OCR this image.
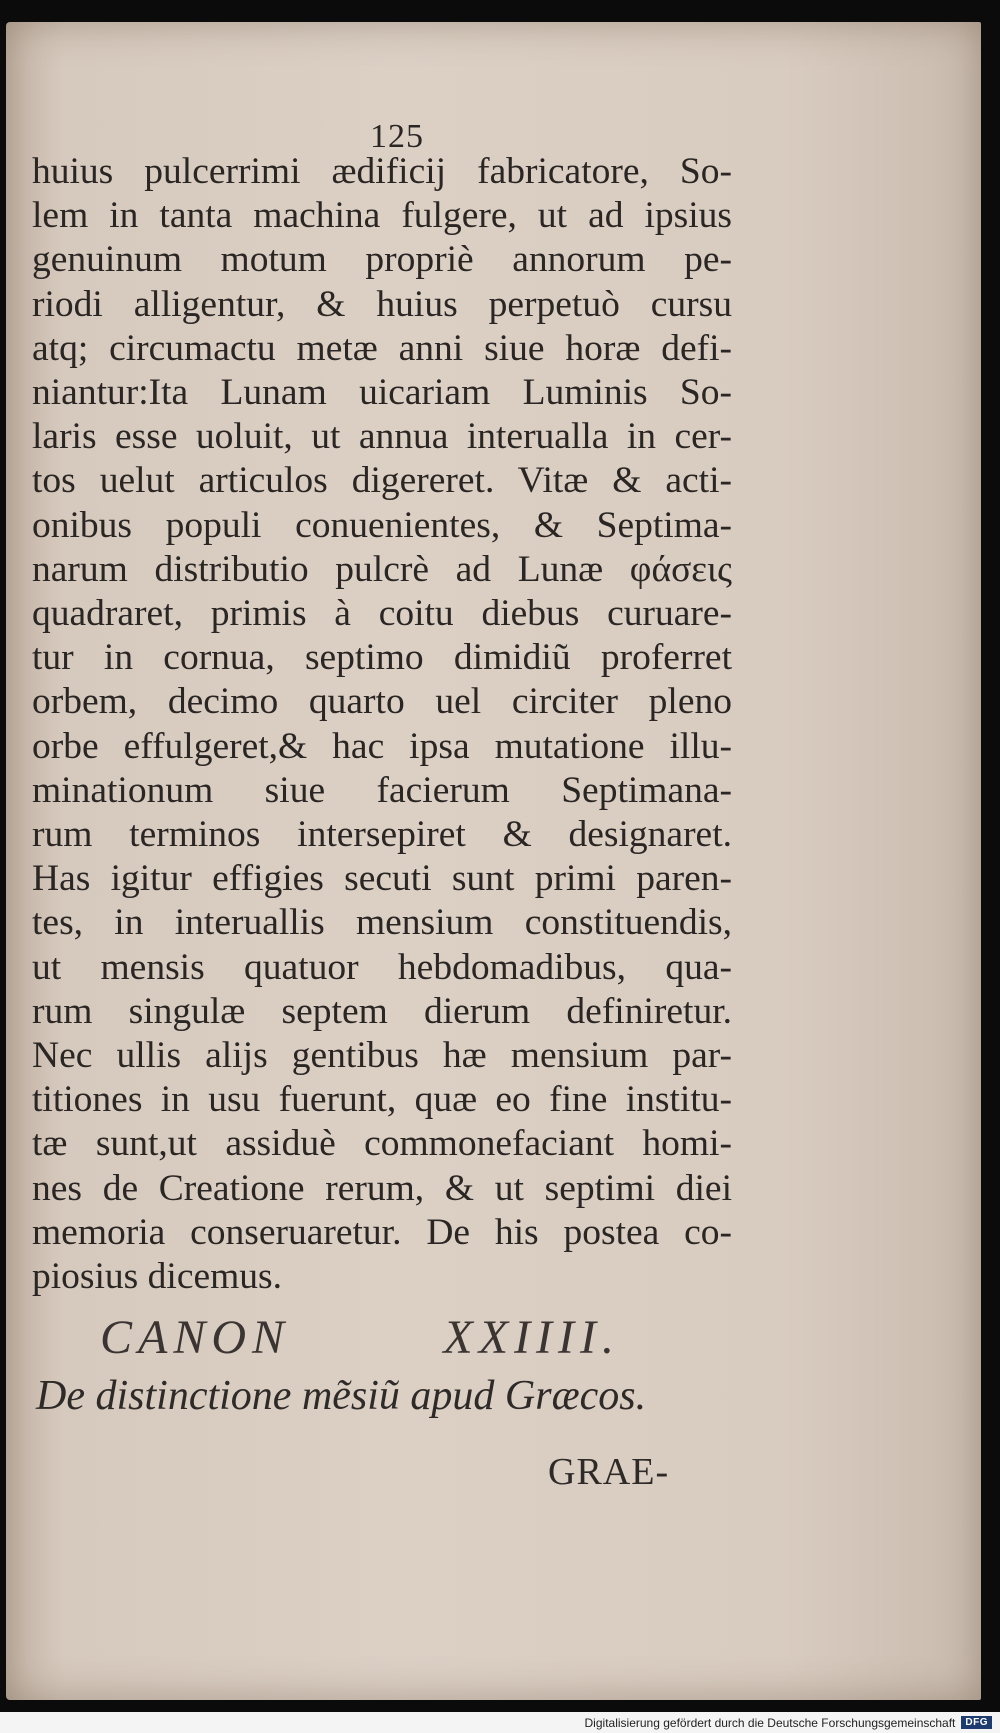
125
huius pulcerrimi ædificij fabricatore, So-
lem in tanta machina fulgere, ut ad ipsius
genuinum motum propriè annorum pe-
riodi alligentur, & huius perpetuò cursu
atq; circumactu metæ anni siue horæ defi-
niantur:Ita Lunam uicariam Luminis So-
laris esse uoluit, ut annua interualla in cer-
tos uelut articulos digereret. Vitæ & acti-
onibus populi conuenientes, & Septima-
narum distributio pulcrè ad Lunæ φάσεις
quadraret, primis à coitu diebus curuare-
tur in cornua, septimo dimidiũ proferret
orbem, decimo quarto uel circiter pleno
orbe effulgeret,& hac ipsa mutatione illu-
minationum siue facierum Septimana-
rum terminos intersepiret & designaret.
Has igitur effigies secuti sunt primi paren-
tes, in interuallis mensium constituendis,
ut mensis quatuor hebdomadibus, qua-
rum singulæ septem dierum definiretur.
Nec ullis alijs gentibus hæ mensium par-
titiones in usu fuerunt, quæ eo fine institu-
tæ sunt,ut assiduè commonefaciant homi-
nes de Creatione rerum, & ut septimi diei
memoria conseruaretur. De his postea co-
piosius dicemus.
CANON	XXIIII.
De distinctione mẽsiũ apud Græcos.
GRAE-
Digitalisierung gefördert durch die Deutsche Forschungsgemeinschaft	DFG
